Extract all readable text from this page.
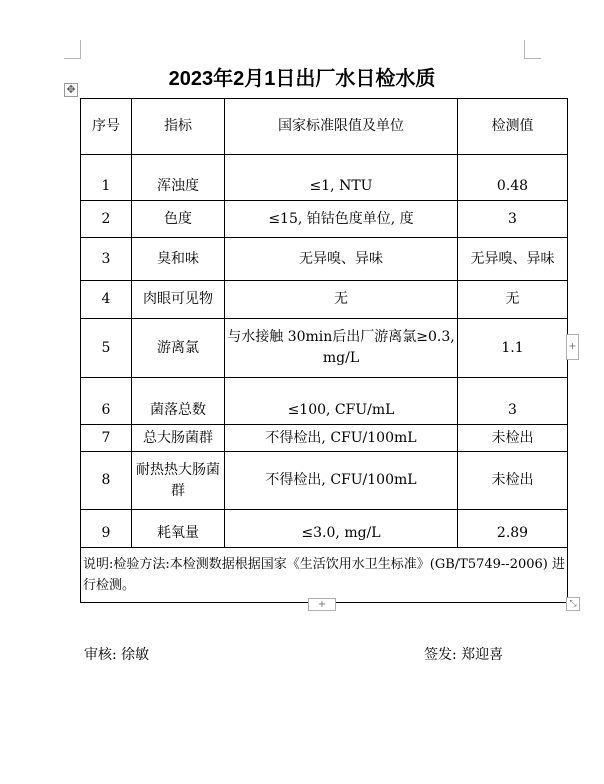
✥	2023年2月1日出厂水日检水质
序号	指标	国家标准限值及单位	检测值
1	浑浊度	≤1, NTU	0.48
2	色度	≤15, 铂钴色度单位, 度	3
3	臭和味	无异嗅、异味	无异嗅、异味
4	肉眼可见物	无	无
5	游离氯	与水接触 30min后出厂游离氯≥0.3, mg/L	1.1
6	菌落总数	≤100, CFU/mL	3
7	总大肠菌群	不得检出, CFU/100mL	未检出
8	耐热热大肠菌群	不得检出, CFU/100mL	未检出
9	耗氧量	≤3.0, mg/L	2.89
说明:检验方法:本检测数据根据国家《生活饮用水卫生标准》(GB/T5749--2006) 进行检测。			
+
+	⤡
审核: 徐敏	签发: 郑迎喜
